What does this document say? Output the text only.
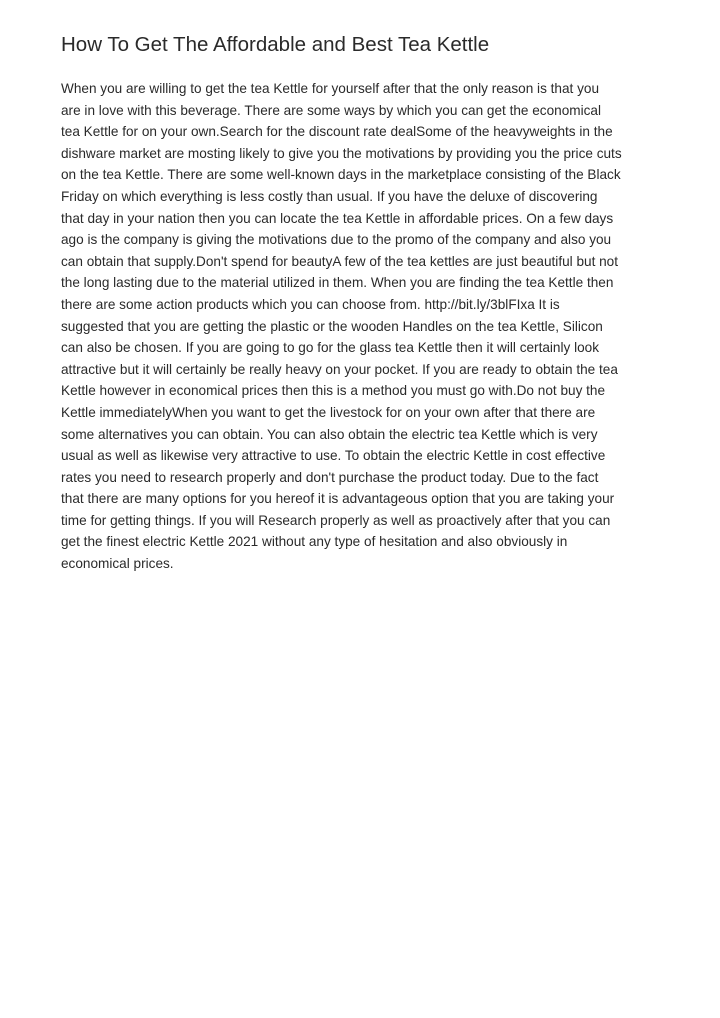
How To Get The Affordable and Best Tea Kettle
When you are willing to get the tea Kettle for yourself after that the only reason is that you
are in love with this beverage. There are some ways by which you can get the economical
tea Kettle for on your own.Search for the discount rate dealSome of the heavyweights in the
dishware market are mosting likely to give you the motivations by providing you the price cuts
on the tea Kettle. There are some well-known days in the marketplace consisting of the Black
Friday on which everything is less costly than usual. If you have the deluxe of discovering
that day in your nation then you can locate the tea Kettle in affordable prices. On a few days
ago is the company is giving the motivations due to the promo of the company and also you
can obtain that supply.Don't spend for beautyA few of the tea kettles are just beautiful but not
the long lasting due to the material utilized in them. When you are finding the tea Kettle then
there are some action products which you can choose from. http://bit.ly/3blFIxa It is
suggested that you are getting the plastic or the wooden Handles on the tea Kettle, Silicon
can also be chosen. If you are going to go for the glass tea Kettle then it will certainly look
attractive but it will certainly be really heavy on your pocket. If you are ready to obtain the tea
Kettle however in economical prices then this is a method you must go with.Do not buy the
Kettle immediatelyWhen you want to get the livestock for on your own after that there are
some alternatives you can obtain. You can also obtain the electric tea Kettle which is very
usual as well as likewise very attractive to use. To obtain the electric Kettle in cost effective
rates you need to research properly and don't purchase the product today. Due to the fact
that there are many options for you hereof it is advantageous option that you are taking your
time for getting things. If you will Research properly as well as proactively after that you can
get the finest electric Kettle 2021 without any type of hesitation and also obviously in
economical prices.
